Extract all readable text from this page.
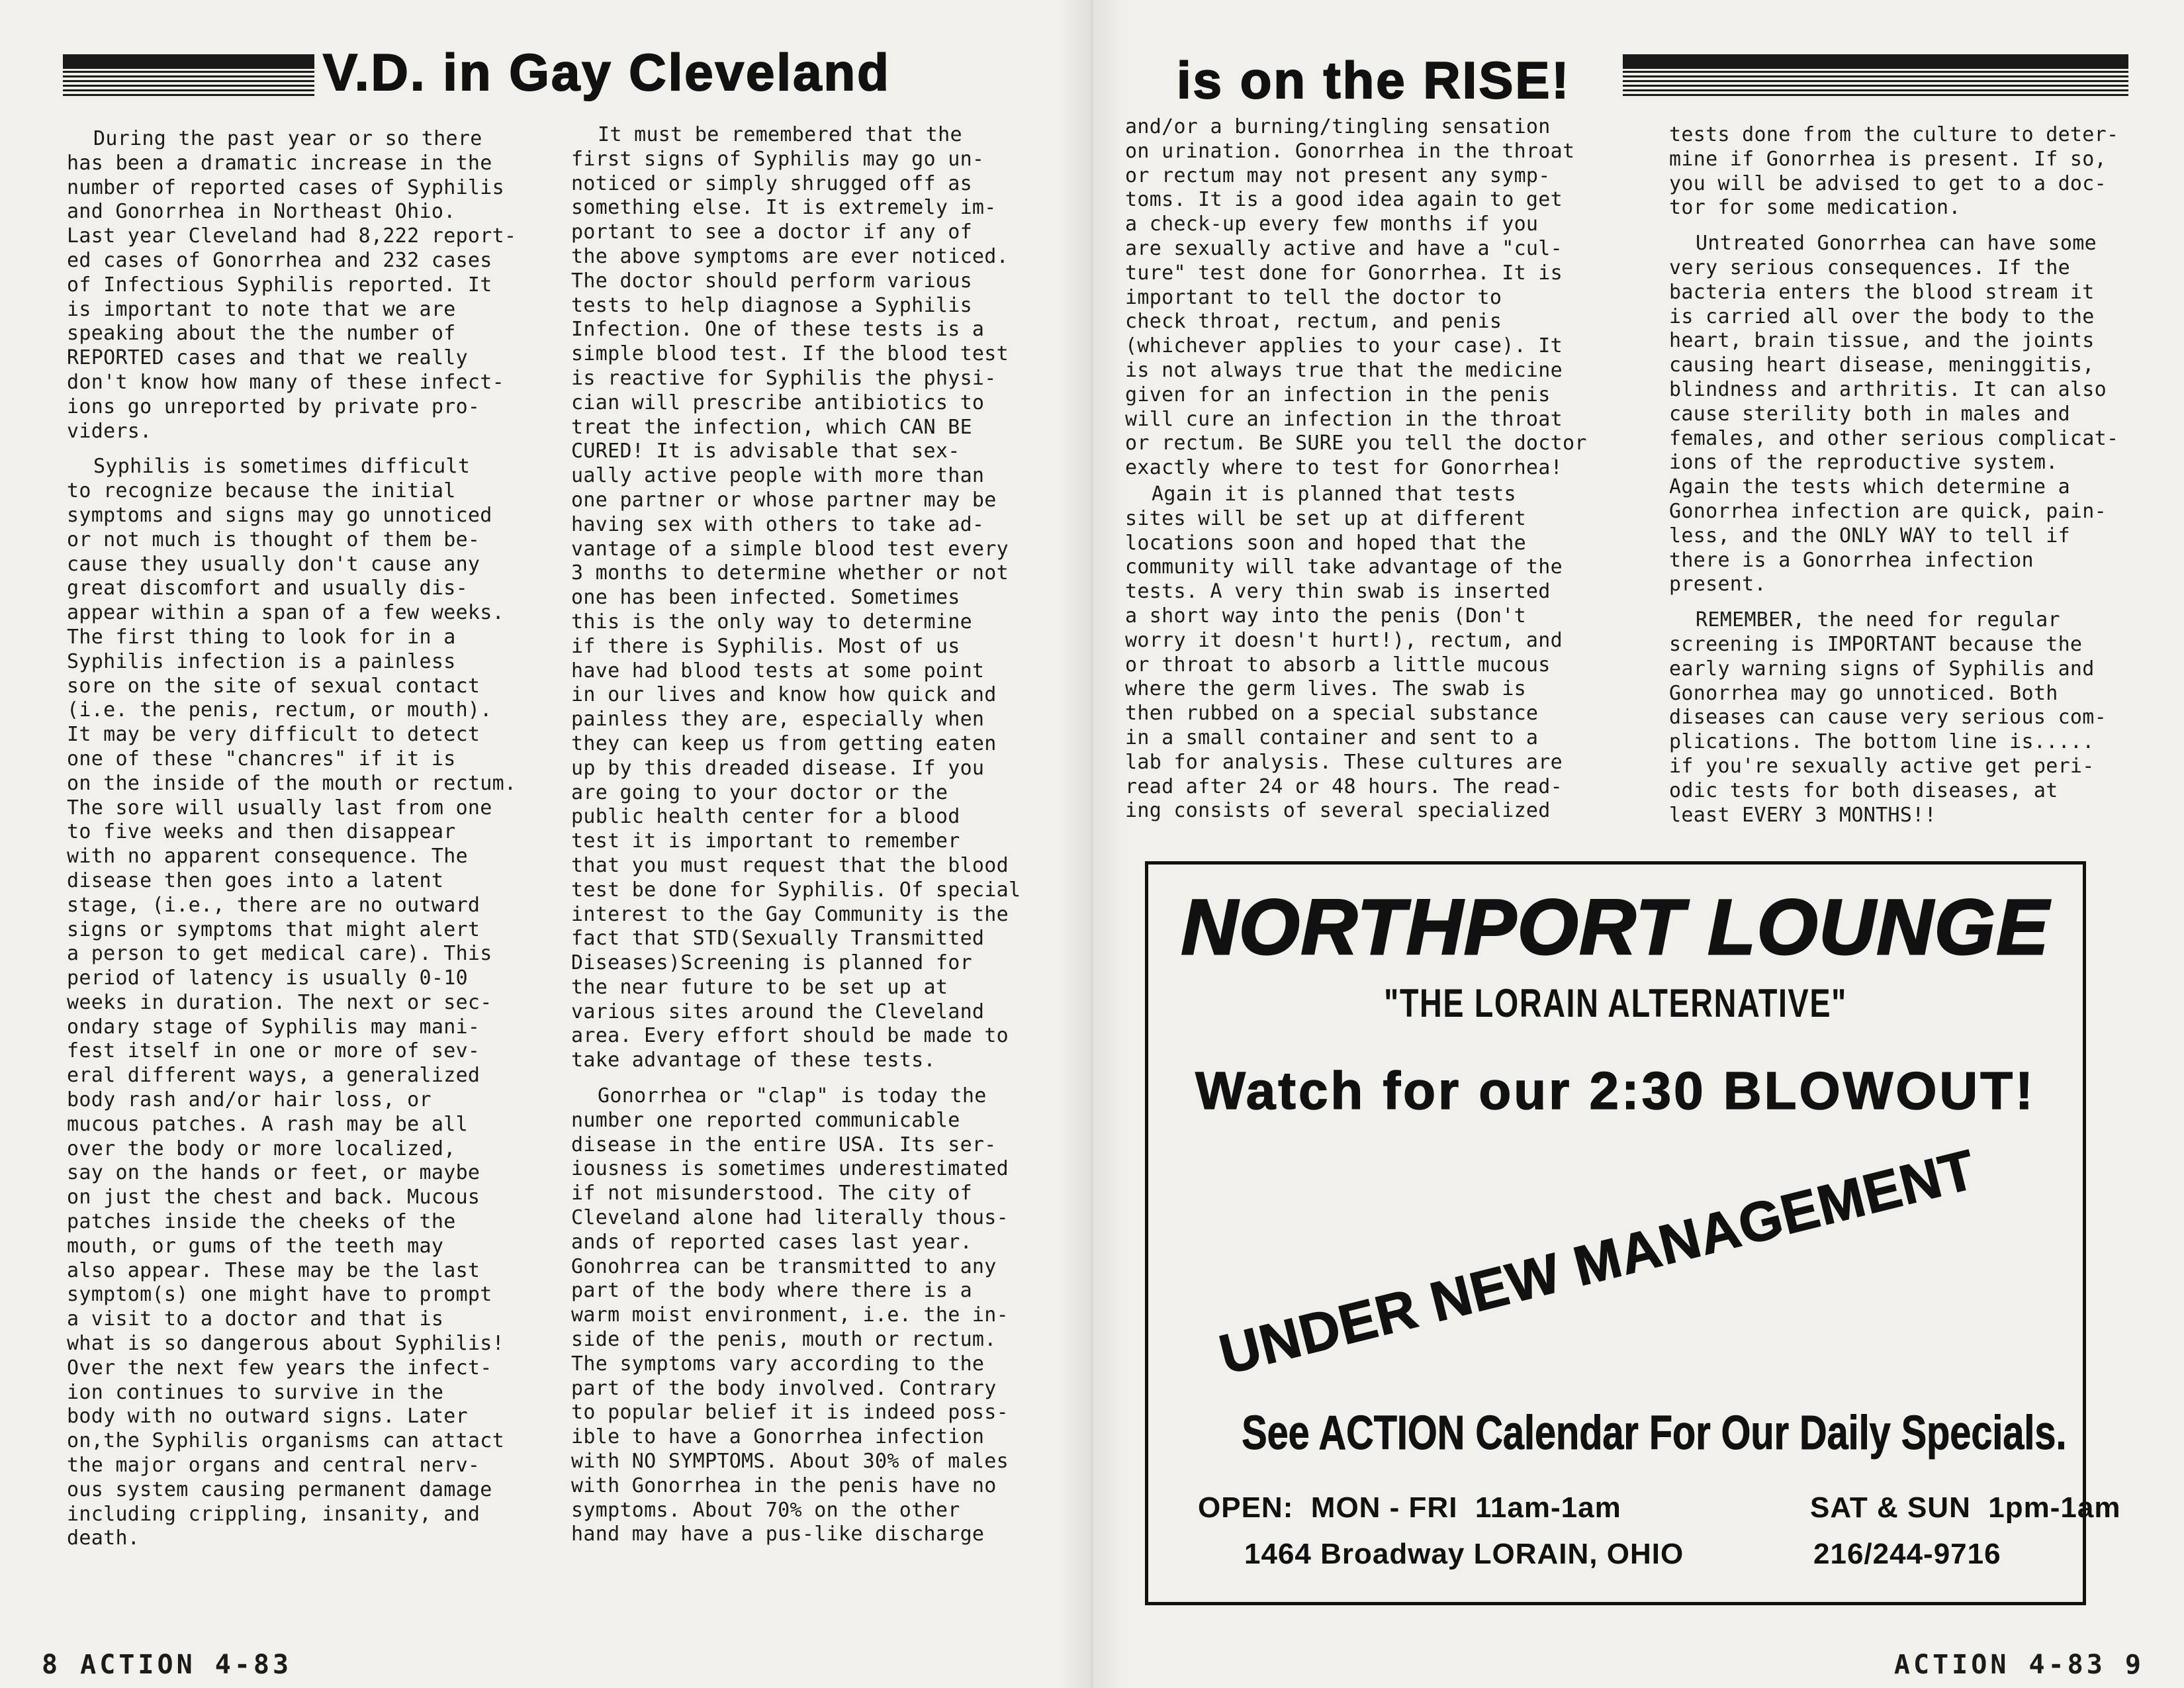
V.D. in Gay Cleveland	is on the RISE!

During the past year or so there
has been a dramatic increase in the
number of reported cases of Syphilis
and Gonorrhea in Northeast Ohio.
Last year Cleveland had 8,222 report-
ed cases of Gonorrhea and 232 cases
of Infectious Syphilis reported. It
is important to note that we are
speaking about the the number of
REPORTED cases and that we really
don't know how many of these infect-
ions go unreported by private pro-
viders.

Syphilis is sometimes difficult
to recognize because the initial
symptoms and signs may go unnoticed
or not much is thought of them be-
cause they usually don't cause any
great discomfort and usually dis-
appear within a span of a few weeks.
The first thing to look for in a
Syphilis infection is a painless
sore on the site of sexual contact
(i.e. the penis, rectum, or mouth).
It may be very difficult to detect
one of these "chancres" if it is
on the inside of the mouth or rectum.
The sore will usually last from one
to five weeks and then disappear
with no apparent consequence. The
disease then goes into a latent
stage, (i.e., there are no outward
signs or symptoms that might alert
a person to get medical care). This
period of latency is usually 0-10
weeks in duration. The next or sec-
ondary stage of Syphilis may mani-
fest itself in one or more of sev-
eral different ways, a generalized
body rash and/or hair loss, or
mucous patches. A rash may be all
over the body or more localized,
say on the hands or feet, or maybe
on just the chest and back. Mucous
patches inside the cheeks of the
mouth, or gums of the teeth may
also appear. These may be the last
symptom(s) one might have to prompt
a visit to a doctor and that is
what is so dangerous about Syphilis!
Over the next few years the infect-
ion continues to survive in the
body with no outward signs. Later
on,the Syphilis organisms can attact
the major organs and central nerv-
ous system causing permanent damage
including crippling, insanity, and
death.

It must be remembered that the
first signs of Syphilis may go un-
noticed or simply shrugged off as
something else. It is extremely im-
portant to see a doctor if any of
the above symptoms are ever noticed.
The doctor should perform various
tests to help diagnose a Syphilis
Infection. One of these tests is a
simple blood test. If the blood test
is reactive for Syphilis the physi-
cian will prescribe antibiotics to
treat the infection, which CAN BE
CURED! It is advisable that sex-
ually active people with more than
one partner or whose partner may be
having sex with others to take ad-
vantage of a simple blood test every
3 months to determine whether or not
one has been infected. Sometimes
this is the only way to determine
if there is Syphilis. Most of us
have had blood tests at some point
in our lives and know how quick and
painless they are, especially when
they can keep us from getting eaten
up by this dreaded disease. If you
are going to your doctor or the
public health center for a blood
test it is important to remember
that you must request that the blood
test be done for Syphilis. Of special
interest to the Gay Community is the
fact that STD(Sexually Transmitted
Diseases)Screening is planned for
the near future to be set up at
various sites around the Cleveland
area. Every effort should be made to
take advantage of these tests.

Gonorrhea or "clap" is today the
number one reported communicable
disease in the entire USA. Its ser-
iousness is sometimes underestimated
if not misunderstood. The city of
Cleveland alone had literally thous-
ands of reported cases last year.
Gonohrrea can be transmitted to any
part of the body where there is a
warm moist environment, i.e. the in-
side of the penis, mouth or rectum.
The symptoms vary according to the
part of the body involved. Contrary
to popular belief it is indeed poss-
ible to have a Gonorrhea infection
with NO SYMPTOMS. About 30% of males
with Gonorrhea in the penis have no
symptoms. About 70% on the other
hand may have a pus-like discharge

and/or a burning/tingling sensation
on urination. Gonorrhea in the throat
or rectum may not present any symp-
toms. It is a good idea again to get
a check-up every few months if you
are sexually active and have a "cul-
ture" test done for Gonorrhea. It is
important to tell the doctor to
check throat, rectum, and penis
(whichever applies to your case). It
is not always true that the medicine
given for an infection in the penis
will cure an infection in the throat
or rectum. Be SURE you tell the doctor
exactly where to test for Gonorrhea!

Again it is planned that tests
sites will be set up at different
locations soon and hoped that the
community will take advantage of the
tests. A very thin swab is inserted
a short way into the penis (Don't
worry it doesn't hurt!), rectum, and
or throat to absorb a little mucous
where the germ lives. The swab is
then rubbed on a special substance
in a small container and sent to a
lab for analysis. These cultures are
read after 24 or 48 hours. The read-
ing consists of several specialized

tests done from the culture to deter-
mine if Gonorrhea is present. If so,
you will be advised to get to a doc-
tor for some medication.

Untreated Gonorrhea can have some
very serious consequences. If the
bacteria enters the blood stream it
is carried all over the body to the
heart, brain tissue, and the joints
causing heart disease, meninggitis,
blindness and arthritis. It can also
cause sterility both in males and
females, and other serious complicat-
ions of the reproductive system.
Again the tests which determine a
Gonorrhea infection are quick, pain-
less, and the ONLY WAY to tell if
there is a Gonorrhea infection
present.

REMEMBER, the need for regular
screening is IMPORTANT because the
early warning signs of Syphilis and
Gonorrhea may go unnoticed. Both
diseases can cause very serious com-
plications. The bottom line is.....
if you're sexually active get peri-
odic tests for both diseases, at
least EVERY 3 MONTHS!!

NORTHPORT LOUNGE
"THE LORAIN ALTERNATIVE"
Watch for our 2:30 BLOWOUT!
UNDER NEW MANAGEMENT
See ACTION Calendar For Our Daily Specials.
OPEN:  MON - FRI  11am-1am	SAT & SUN  1pm-1am
1464 Broadway LORAIN, OHIO	216/244-9716
8 ACTION 4-83	ACTION 4-83 9
